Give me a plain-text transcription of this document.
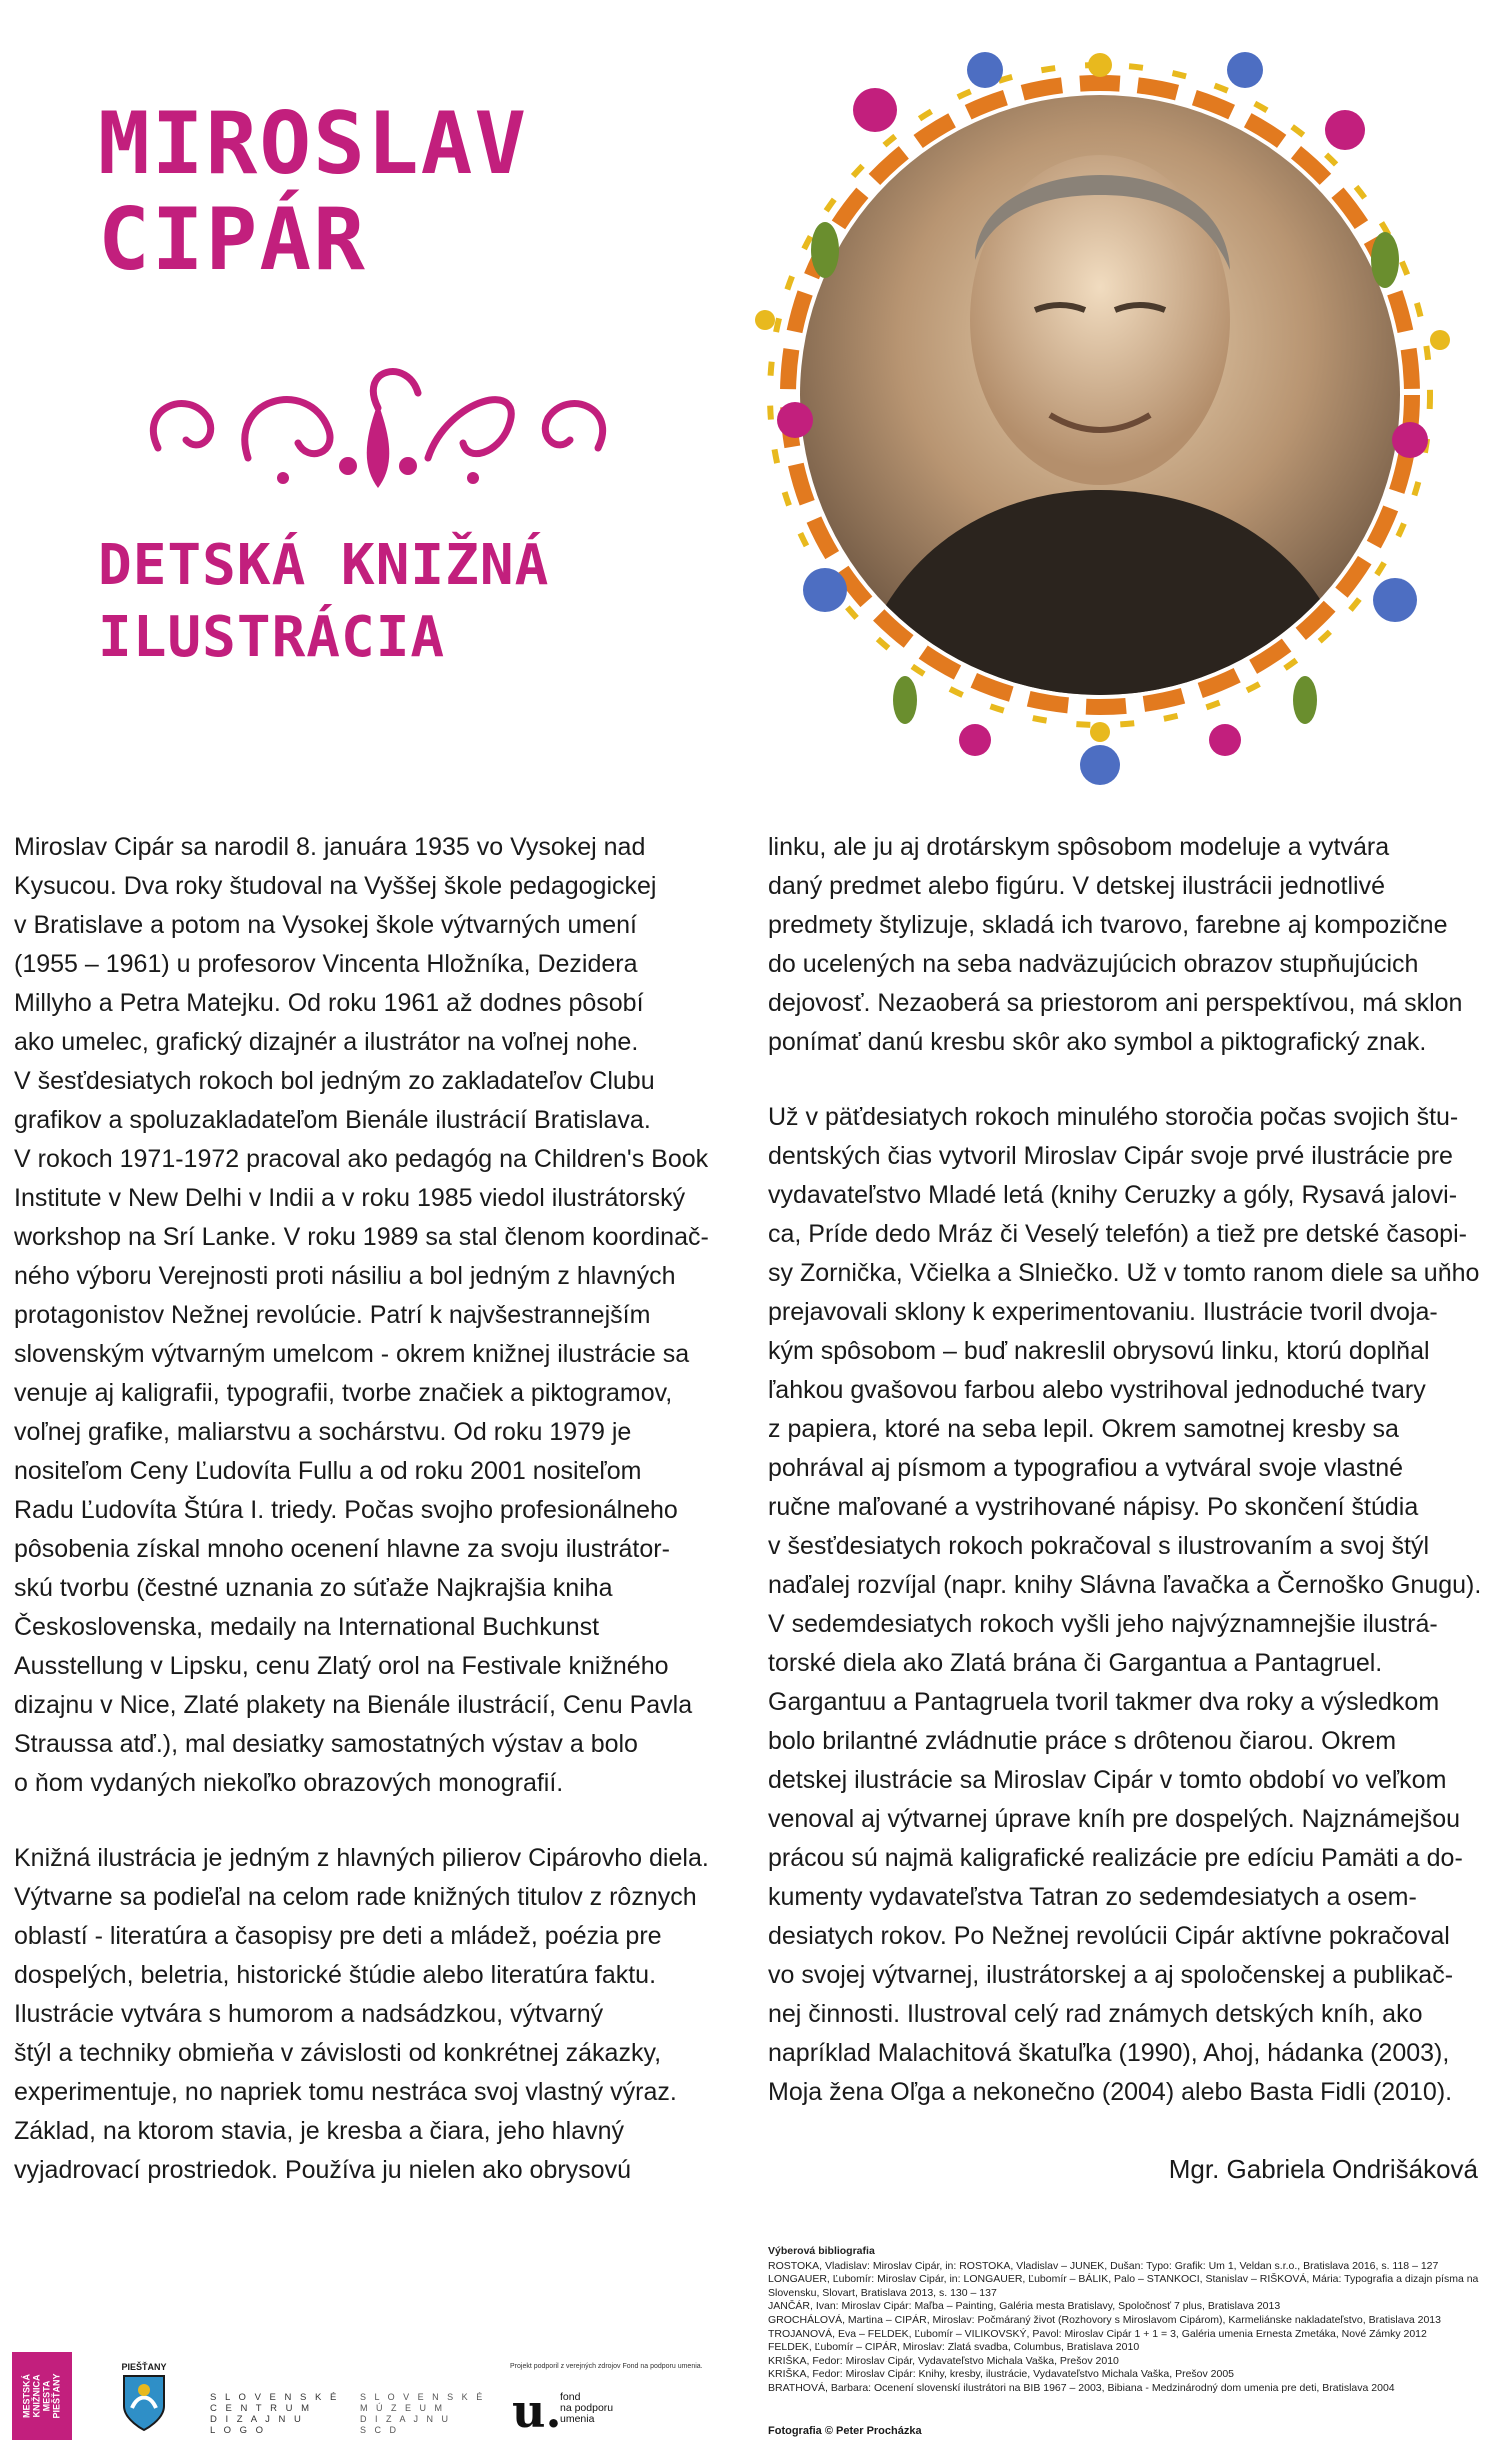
MIROSLAV
CIPÁR
DETSKÁ KNIŽNÁ
ILUSTRÁCIA

Miroslav Cipár sa narodil 8. januára 1935 vo Vysokej nad
Kysucou. Dva roky študoval na Vyššej škole pedagogickej
v Bratislave a potom na Vysokej škole výtvarných umení
(1955 – 1961) u profesorov Vincenta Hložníka, Dezidera
Millyho a Petra Matejku. Od roku 1961 až dodnes pôsobí
ako umelec, grafický dizajnér a ilustrátor na voľnej nohe.
V šesťdesiatych rokoch bol jedným zo zakladateľov Clubu
grafikov a spoluzakladateľom Bienále ilustrácií Bratislava.
V rokoch 1971-1972 pracoval ako pedagóg na Children's Book
Institute v New Delhi v Indii a v roku 1985 viedol ilustrátorský
workshop na Srí Lanke. V roku 1989 sa stal členom koordinač-
ného výboru Verejnosti proti násiliu a bol jedným z hlavných
protagonistov Nežnej revolúcie. Patrí k najvšestrannejším
slovenským výtvarným umelcom - okrem knižnej ilustrácie sa
venuje aj kaligrafii, typografii, tvorbe značiek a piktogramov,
voľnej grafike, maliarstvu a sochárstvu. Od roku 1979 je
nositeľom Ceny Ľudovíta Fullu a od roku 2001 nositeľom
Radu Ľudovíta Štúra I. triedy. Počas svojho profesionálneho
pôsobenia získal mnoho ocenení hlavne za svoju ilustrátor-
skú tvorbu (čestné uznania zo súťaže Najkrajšia kniha
Československa, medaily na International Buchkunst
Ausstellung v Lipsku, cenu Zlatý orol na Festivale knižného
dizajnu v Nice, Zlaté plakety na Bienále ilustrácií, Cenu Pavla
Straussa atď.), mal desiatky samostatných výstav a bolo
o ňom vydaných niekoľko obrazových monografií.

Knižná ilustrácia je jedným z hlavných pilierov Cipárovho diela.
Výtvarne sa podieľal na celom rade knižných titulov z rôznych
oblastí - literatúra a časopisy pre deti a mládež, poézia pre
dospelých, beletria, historické štúdie alebo literatúra faktu.
Ilustrácie vytvára s humorom a nadsádzkou, výtvarný
štýl a techniky obmieňa v závislosti od konkrétnej zákazky,
experimentuje, no napriek tomu nestráca svoj vlastný výraz.
Základ, na ktorom stavia, je kresba a čiara, jeho hlavný
vyjadrovací prostriedok. Používa ju nielen ako obrysovú

linku, ale ju aj drotárskym spôsobom modeluje a vytvára
daný predmet alebo figúru. V detskej ilustrácii jednotlivé
predmety štylizuje, skladá ich tvarovo, farebne aj kompozične
do ucelených na seba nadväzujúcich obrazov stupňujúcich
dejovosť. Nezaoberá sa priestorom ani perspektívou, má sklon
ponímať danú kresbu skôr ako symbol a piktografický znak.

Už v päťdesiatych rokoch minulého storočia počas svojich štu-
dentských čias vytvoril Miroslav Cipár svoje prvé ilustrácie pre
vydavateľstvo Mladé letá (knihy Ceruzky a góly, Rysavá jalovi-
ca, Príde dedo Mráz či Veselý telefón) a tiež pre detské časopi-
sy Zornička, Včielka a Slniečko. Už v tomto ranom diele sa uňho
prejavovali sklony k experimentovaniu. Ilustrácie tvoril dvoja-
kým spôsobom – buď nakreslil obrysovú linku, ktorú doplňal
ľahkou gvašovou farbou alebo vystrihoval jednoduché tvary
z papiera, ktoré na seba lepil. Okrem samotnej kresby sa
pohrával aj písmom a typografiou a vytváral svoje vlastné
ručne maľované a vystrihované nápisy. Po skončení štúdia
v šesťdesiatych rokoch pokračoval s ilustrovaním a svoj štýl
naďalej rozvíjal (napr. knihy Slávna ľavačka a Černoško Gnugu).
V sedemdesiatych rokoch vyšli jeho najvýznamnejšie ilustrá-
torské diela ako Zlatá brána či Gargantua a Pantagruel.
Gargantuu a Pantagruela tvoril takmer dva roky a výsledkom
bolo brilantné zvládnutie práce s drôtenou čiarou. Okrem
detskej ilustrácie sa Miroslav Cipár v tomto období vo veľkom
venoval aj výtvarnej úprave kníh pre dospelých. Najznámejšou
prácou sú najmä kaligrafické realizácie pre edíciu Pamäti a do-
kumenty vydavateľstva Tatran zo sedemdesiatych a osem-
desiatych rokov. Po Nežnej revolúcii Cipár aktívne pokračoval
vo svojej výtvarnej, ilustrátorskej a aj spoločenskej a publikač-
nej činnosti. Ilustroval celý rad známych detských kníh, ako
napríklad Malachitová škatuľka (1990), Ahoj, hádanka (2003),
Moja žena Oľga a nekonečno (2004) alebo Basta Fidli (2010).

Mgr. Gabriela Ondrišáková
Výberová bibliografia
ROSTOKA, Vladislav: Miroslav Cipár, in: ROSTOKA, Vladislav – JUNEK, Dušan: Typo: Grafik: Um 1, Veldan s.r.o., Bratislava 2016, s. 118 – 127
LONGAUER, Ľubomír: Miroslav Cipár, in: LONGAUER, Ľubomír – BÁLIK, Palo – STANKOCI, Stanislav – RIŠKOVÁ, Mária: Typografia a dizajn písma na
Slovensku, Slovart, Bratislava 2013, s. 130 – 137
JANČÁR, Ivan: Miroslav Cipár: Maľba – Painting, Galéria mesta Bratislavy, Spoločnosť 7 plus, Bratislava 2013
GROCHÁLOVÁ, Martina – CIPÁR, Miroslav: Počmáraný život (Rozhovory s Miroslavom Cipárom), Karmeliánske nakladateľstvo, Bratislava 2013
TROJANOVÁ, Eva – FELDEK, Ľubomír – VILIKOVSKÝ, Pavol: Miroslav Cipár 1 + 1 = 3, Galéria umenia Ernesta Zmetáka, Nové Zámky 2012
FELDEK, Ľubomír – CIPÁR, Miroslav: Zlatá svadba, Columbus, Bratislava 2010
KRIŠKA, Fedor: Miroslav Cipár, Vydavateľstvo Michala Vaška, Prešov 2010
KRIŠKA, Fedor: Miroslav Cipár: Knihy, kresby, ilustrácie, Vydavateľstvo Michala Vaška, Prešov 2005
BRATHOVÁ, Barbara: Ocenení slovenskí ilustrátori na BIB 1967 – 2003, Bibiana - Medzinárodný dom umenia pre deti, Bratislava 2004
Fotografia © Peter Procházka
MESTSKÁ
KNIŽNICA
MESTA
PIEŠŤANY
PIEŠŤANY
S L O V E N S K É
C E N T R U M
D I Z A J N U
L O G O
S L O V E N S K É
M Ú Z E U M
D I Z A J N U
S C D
Projekt podporil z verejných zdrojov Fond na podporu umenia.
u.
fond
na podporu
umenia
